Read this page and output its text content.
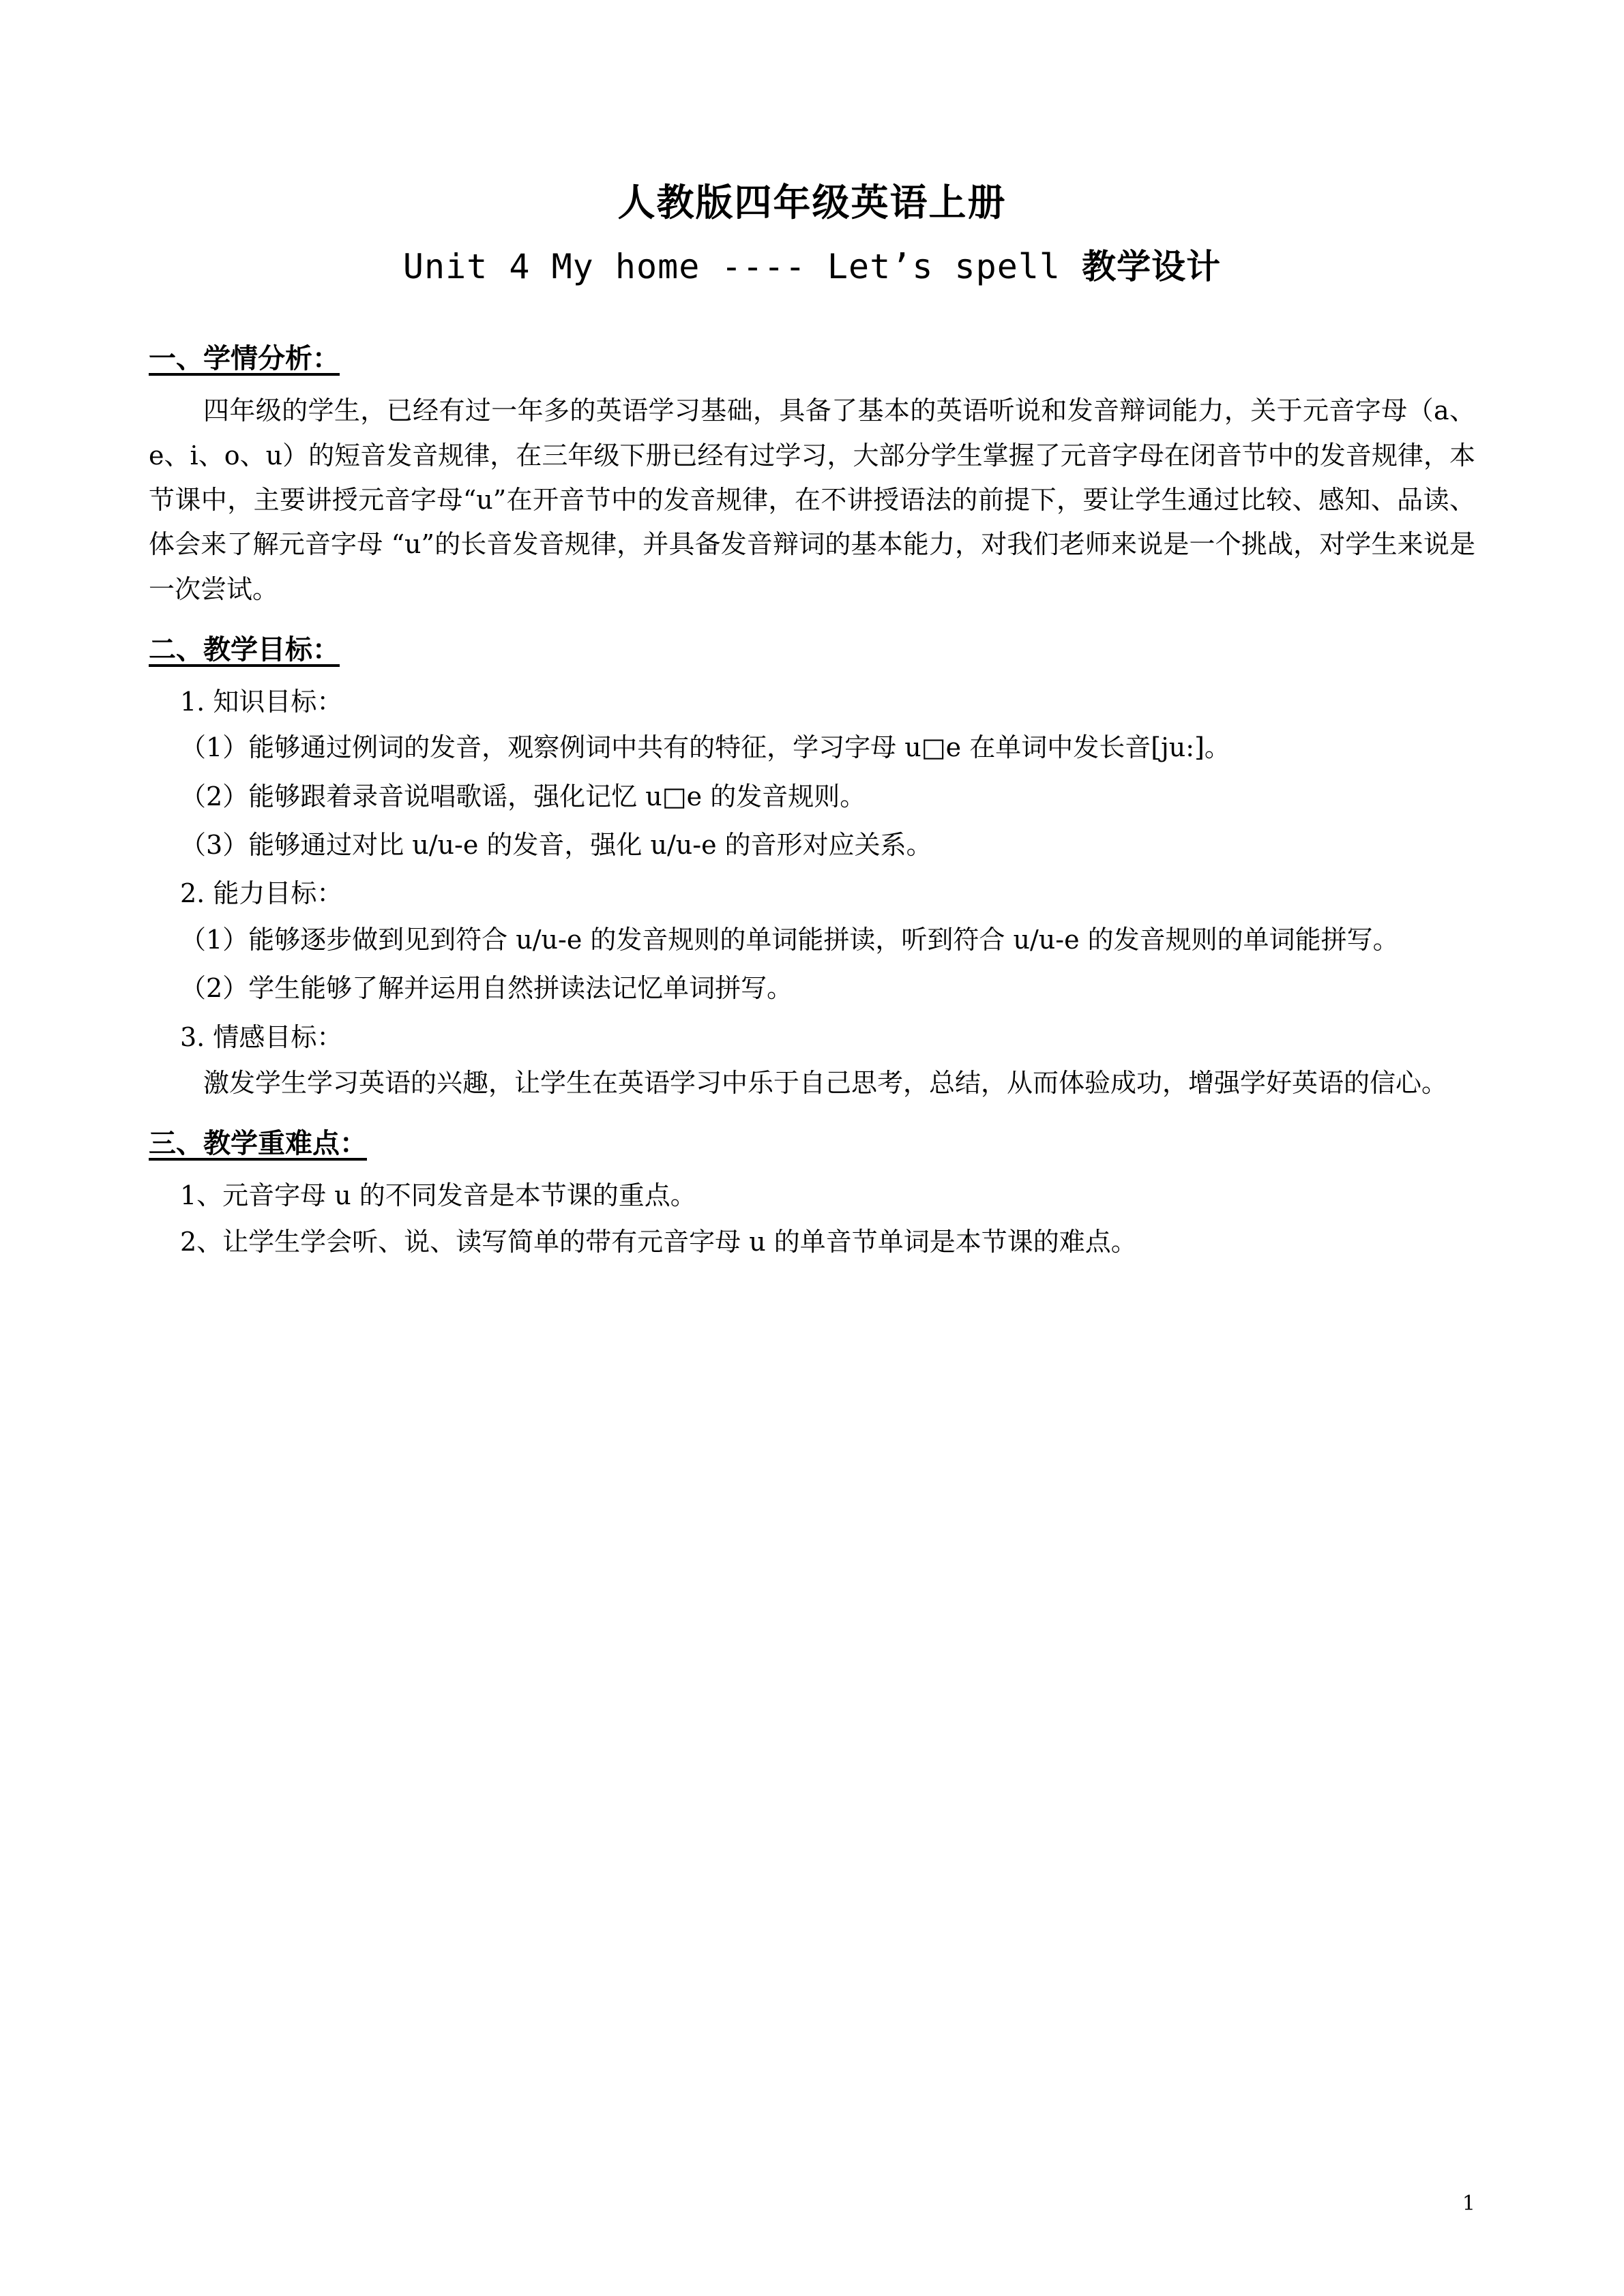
人教版四年级英语上册
Unit 4 My home ---- Let’s spell 教学设计
一、学情分析：

四年级的学生，已经有过一年多的英语学习基础，具备了基本的英语听说和发音辩词能力，关于元音字母（a、e、i、o、u）的短音发音规律，在三年级下册已经有过学习，大部分学生掌握了元音字母在闭音节中的发音规律，本节课中，主要讲授元音字母“u”在开音节中的发音规律，在不讲授语法的前提下，要让学生通过比较、感知、品读、体会来了解元音字母 “u”的长音发音规律，并具备发音辩词的基本能力，对我们老师来说是一个挑战，对学生来说是一次尝试。

二、教学目标：

1. 知识目标：

（1）能够通过例词的发音，观察例词中共有的特征，学习字母 u□e 在单词中发长音[ju:]。

（2）能够跟着录音说唱歌谣，强化记忆 u□e 的发音规则。

（3）能够通过对比 u/u-e 的发音，强化 u/u-e 的音形对应关系。

2. 能力目标：

（1）能够逐步做到见到符合 u/u-e 的发音规则的单词能拼读，听到符合 u/u-e 的发音规则的单词能拼写。

（2）学生能够了解并运用自然拼读法记忆单词拼写。

3. 情感目标：

激发学生学习英语的兴趣，让学生在英语学习中乐于自己思考，总结，从而体验成功，增强学好英语的信心。

三、教学重难点：

1、元音字母 u 的不同发音是本节课的重点。

2、让学生学会听、说、读写简单的带有元音字母 u 的单音节单词是本节课的难点。

1
